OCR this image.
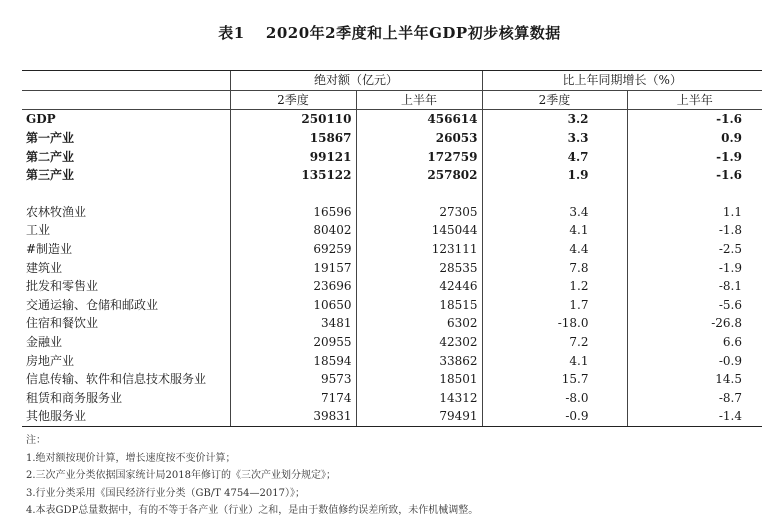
表1　 2020年2季度和上半年GDP初步核算数据
	绝对额（亿元）		比上年同期增长（%）	
	2季度	上半年	2季度	上半年
GDP	250110	456614	3.2	-1.6
第一产业	15867	26053	3.3	0.9
第二产业	99121	172759	4.7	-1.9
第三产业	135122	257802	1.9	-1.6

农林牧渔业	16596	27305	3.4	1.1
工业	80402	145044	4.1	-1.8
#制造业	69259	123111	4.4	-2.5
建筑业	19157	28535	7.8	-1.9
批发和零售业	23696	42446	1.2	-8.1
交通运输、仓储和邮政业	10650	18515	1.7	-5.6
住宿和餐饮业	3481	6302	-18.0	-26.8
金融业	20955	42302	7.2	6.6
房地产业	18594	33862	4.1	-0.9
信息传输、软件和信息技术服务业	9573	18501	15.7	14.5
租赁和商务服务业	7174	14312	-8.0	-8.7
其他服务业	39831	79491	-0.9	-1.4
注：
1.绝对额按现价计算，增长速度按不变价计算；
2.三次产业分类依据国家统计局2018年修订的《三次产业划分规定》；
3.行业分类采用《国民经济行业分类（GB/T 4754—2017）》；
4.本表GDP总量数据中，有的不等于各产业（行业）之和，是由于数值修约误差所致，未作机械调整。
